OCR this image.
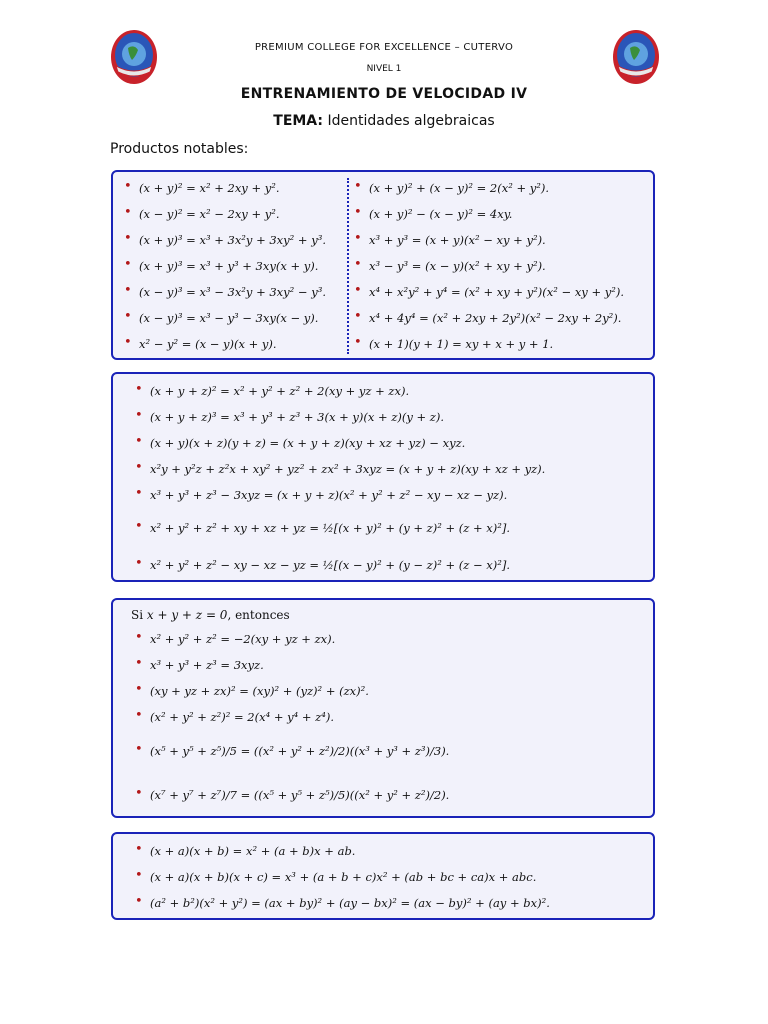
PREMIUM COLLEGE FOR EXCELLENCE – CUTERVO
NIVEL 1
ENTRENAMIENTO DE VELOCIDAD IV
TEMA: Identidades algebraicas
Productos notables:
• (x + y)² = x² + 2xy + y².
• (x − y)² = x² − 2xy + y².
• (x + y)³ = x³ + 3x²y + 3xy² + y³.
• (x + y)³ = x³ + y³ + 3xy(x + y).
• (x − y)³ = x³ − 3x²y + 3xy² − y³.
• (x − y)³ = x³ − y³ − 3xy(x − y).
• x² − y² = (x − y)(x + y).
• (x + y)² + (x − y)² = 2(x² + y²).
• (x + y)² − (x − y)² = 4xy.
• x³ + y³ = (x + y)(x² − xy + y²).
• x³ − y³ = (x − y)(x² + xy + y²).
• x⁴ + x²y² + y⁴ = (x² + xy + y²)(x² − xy + y²).
• x⁴ + 4y⁴ = (x² + 2xy + 2y²)(x² − 2xy + 2y²).
• (x + 1)(y + 1) = xy + x + y + 1.
• (x + y + z)² = x² + y² + z² + 2(xy + yz + zx).
• (x + y + z)³ = x³ + y³ + z³ + 3(x + y)(x + z)(y + z).
• (x + y)(x + z)(y + z) = (x + y + z)(xy + xz + yz) − xyz.
• x²y + y²z + z²x + xy² + yz² + zx² + 3xyz = (x + y + z)(xy + xz + yz).
• x³ + y³ + z³ − 3xyz = (x + y + z)(x² + y² + z² − xy − xz − yz).
• x² + y² + z² + xy + xz + yz = ½[(x + y)² + (y + z)² + (z + x)²].
• x² + y² + z² − xy − xz − yz = ½[(x − y)² + (y − z)² + (z − x)²].
Si x + y + z = 0, entonces
• x² + y² + z² = −2(xy + yz + zx).
• x³ + y³ + z³ = 3xyz.
• (xy + yz + zx)² = (xy)² + (yz)² + (zx)².
• (x² + y² + z²)² = 2(x⁴ + y⁴ + z⁴).
• (x⁵ + y⁵ + z⁵)/5 = ((x² + y² + z²)/2)((x³ + y³ + z³)/3).
• (x⁷ + y⁷ + z⁷)/7 = ((x⁵ + y⁵ + z⁵)/5)((x² + y² + z²)/2).
• (x + a)(x + b) = x² + (a + b)x + ab.
• (x + a)(x + b)(x + c) = x³ + (a + b + c)x² + (ab + bc + ca)x + abc.
• (a² + b²)(x² + y²) = (ax + by)² + (ay − bx)² = (ax − by)² + (ay + bx)².
